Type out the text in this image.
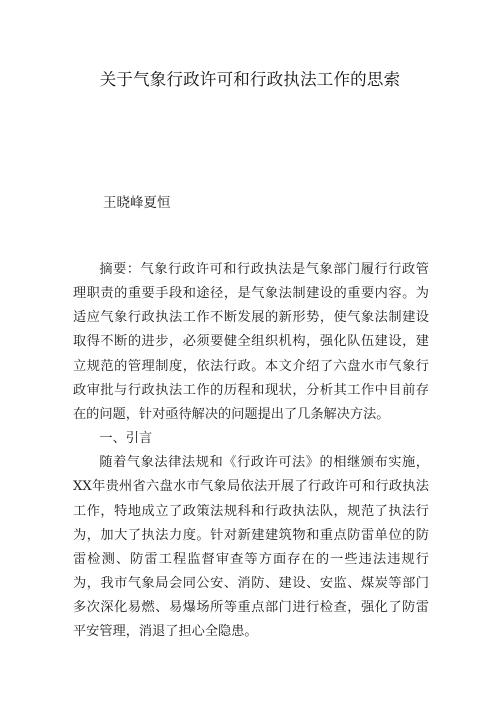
关于气象行政许可和行政执法工作的思索
王晓峰夏恒

摘要：气象行政许可和行政执法是气象部门履行行政管理职责的重要手段和途径，是气象法制建设的重要内容。为适应气象行政执法工作不断发展的新形势，使气象法制建设取得不断的进步，必须要健全组织机构，强化队伍建设，建立规范的管理制度，依法行政。本文介绍了六盘水市气象行政审批与行政执法工作的历程和现状，分析其工作中目前存在的问题，针对亟待解决的问题提出了几条解决方法。

一、引言

随着气象法律法规和《行政许可法》的相继颁布实施，XX年贵州省六盘水市气象局依法开展了行政许可和行政执法工作，特地成立了政策法规科和行政执法队，规范了执法行为，加大了执法力度。针对新建建筑物和重点防雷单位的防雷检测、防雷工程监督审查等方面存在的一些违法违规行为，我市气象局会同公安、消防、建设、安监、煤炭等部门多次深化易燃、易爆场所等重点部门进行检查，强化了防雷平安管理，消退了担心全隐患。
